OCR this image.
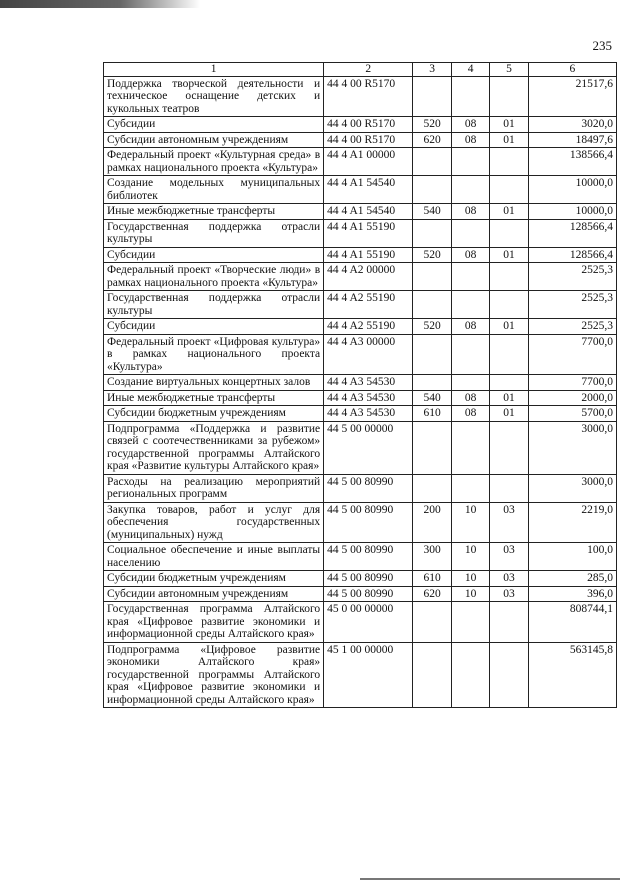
235
1	2	3	4	5	6
Поддержка творческой деятельности и техническое оснащение детских и кукольных театров	44 4 00 R5170				21517,6
Субсидии	44 4 00 R5170	520	08	01	3020,0
Субсидии автономным учреждениям	44 4 00 R5170	620	08	01	18497,6
Федеральный проект «Культурная среда» в рамках национального проекта «Культура»	44 4 A1 00000				138566,4
Создание модельных муниципальных библиотек	44 4 A1 54540				10000,0
Иные межбюджетные трансферты	44 4 A1 54540	540	08	01	10000,0
Государственная поддержка отрасли культуры	44 4 A1 55190				128566,4
Субсидии	44 4 A1 55190	520	08	01	128566,4
Федеральный проект «Творческие люди» в рамках национального проекта «Культура»	44 4 A2 00000				2525,3
Государственная поддержка отрасли культуры	44 4 A2 55190				2525,3
Субсидии	44 4 A2 55190	520	08	01	2525,3
Федеральный проект «Цифровая культура» в рамках национального проекта «Культура»	44 4 A3 00000				7700,0
Создание виртуальных концертных залов	44 4 A3 54530				7700,0
Иные межбюджетные трансферты	44 4 A3 54530	540	08	01	2000,0
Субсидии бюджетным учреждениям	44 4 A3 54530	610	08	01	5700,0
Подпрограмма «Поддержка и развитие связей с соотечественниками за рубежом» государственной программы Алтайского края «Развитие культуры Алтайского края»	44 5 00 00000				3000,0
Расходы на реализацию мероприятий региональных программ	44 5 00 80990				3000,0
Закупка товаров, работ и услуг для обеспечения государственных (муниципальных) нужд	44 5 00 80990	200	10	03	2219,0
Социальное обеспечение и иные выплаты населению	44 5 00 80990	300	10	03	100,0
Субсидии бюджетным учреждениям	44 5 00 80990	610	10	03	285,0
Субсидии автономным учреждениям	44 5 00 80990	620	10	03	396,0
Государственная программа Алтайского края «Цифровое развитие экономики и информационной среды Алтайского края»	45 0 00 00000				808744,1
Подпрограмма «Цифровое развитие экономики Алтайского края» государственной программы Алтайского края «Цифровое развитие экономики и информационной среды Алтайского края»	45 1 00 00000				563145,8
